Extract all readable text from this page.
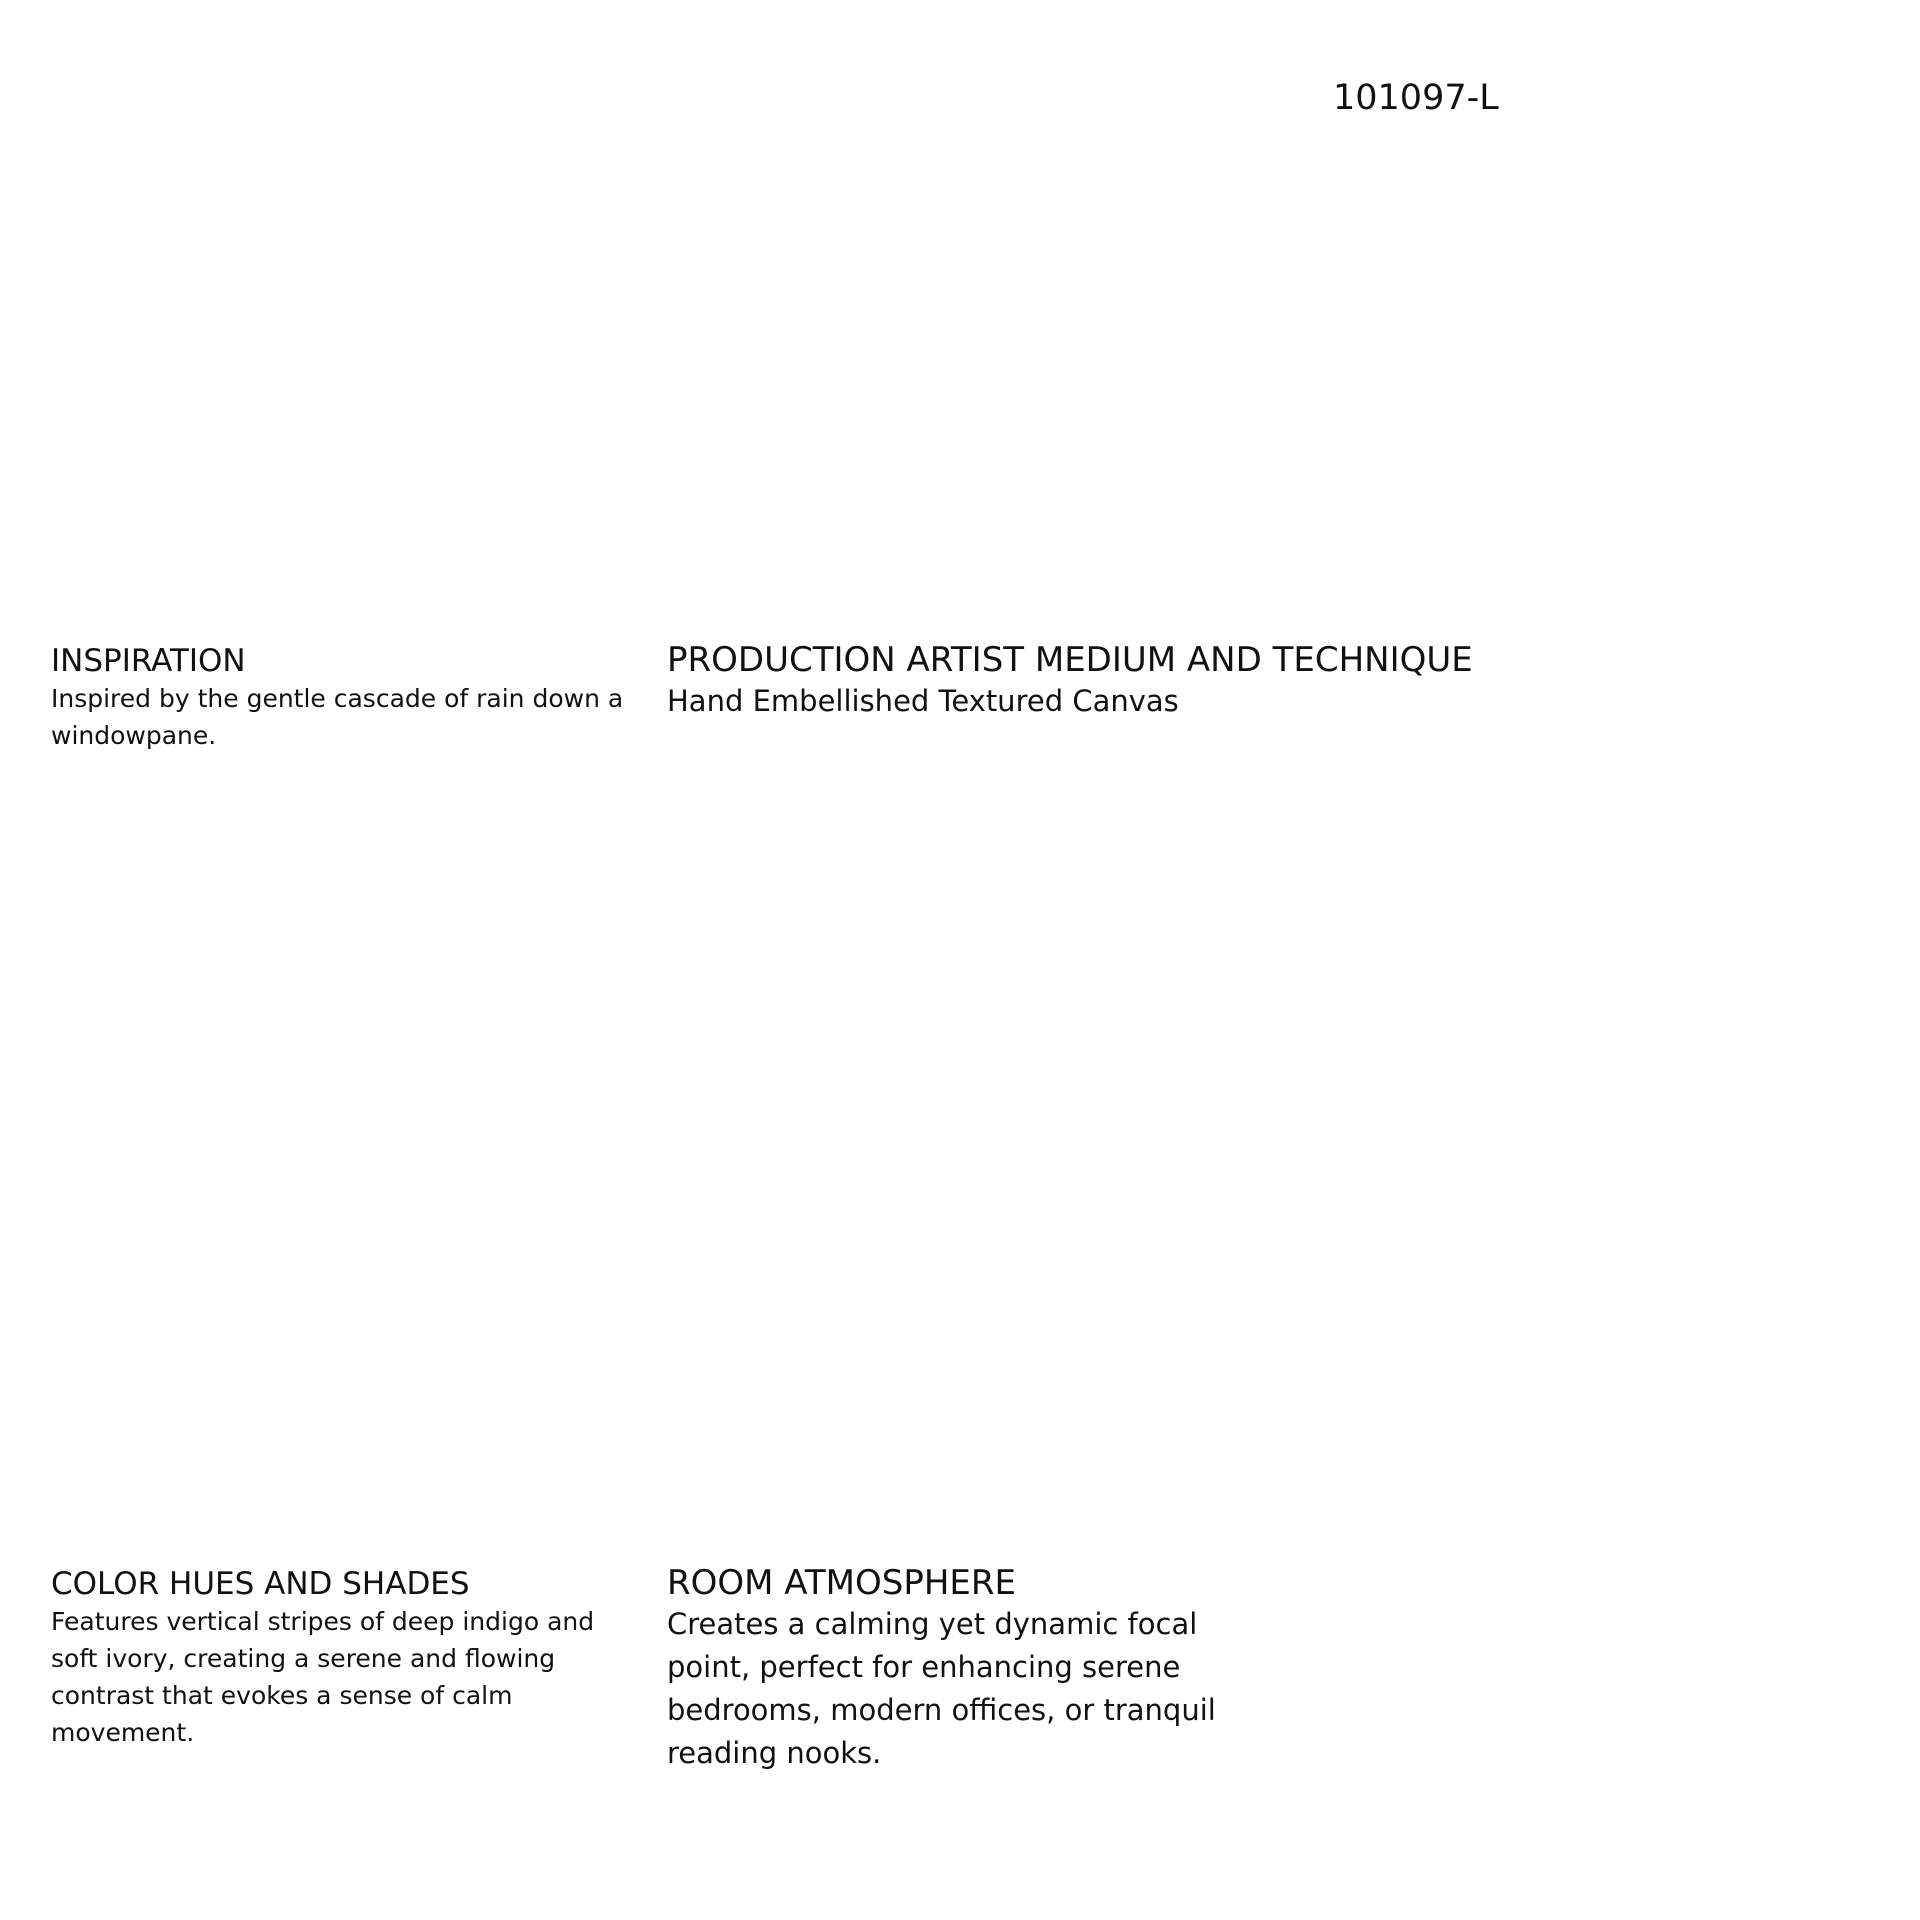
101097-L
INSPIRATION

Inspired by the gentle cascade of rain down a windowpane.

PRODUCTION ARTIST MEDIUM AND TECHNIQUE

Hand Embellished Textured Canvas

COLOR HUES AND SHADES

Features vertical stripes of deep indigo and soft ivory, creating a serene and flowing contrast that evokes a sense of calm movement.

ROOM ATMOSPHERE

Creates a calming yet dynamic focal point, perfect for enhancing serene bedrooms, modern offices, or tranquil reading nooks.
